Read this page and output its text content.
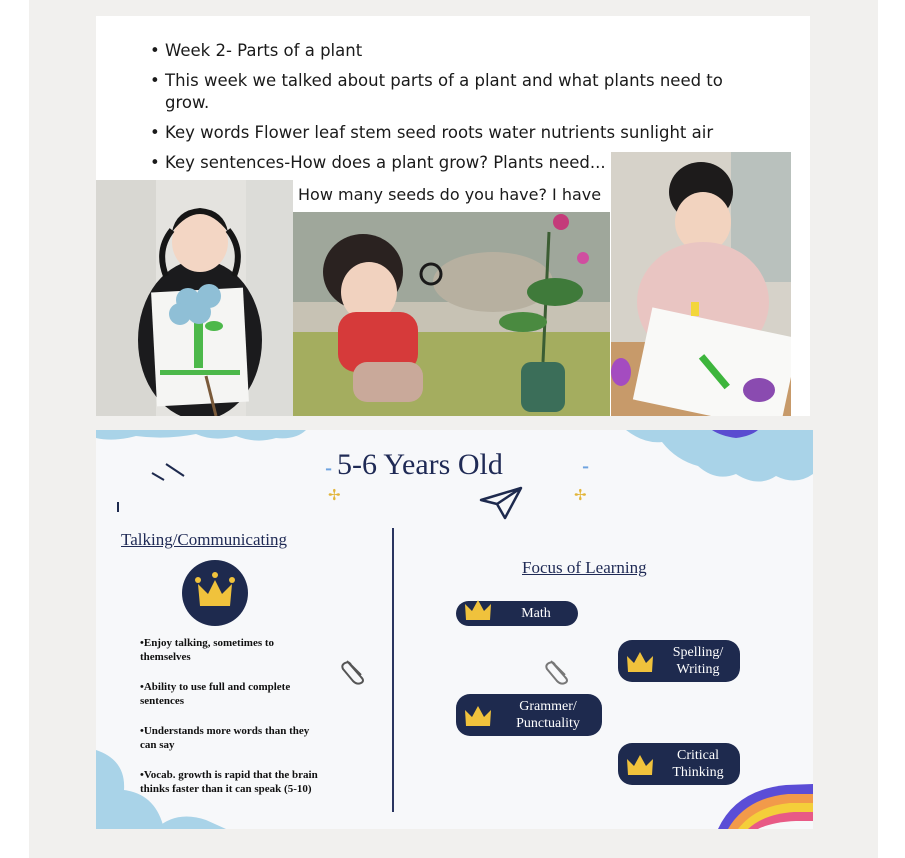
• Week 2- Parts of a plant
• This week we talked about parts of a plant and what plants need to grow.
• Key words Flower leaf stem seed roots water nutrients sunlight air
• Key sentences-How does a plant grow? Plants need...
How many seeds do you have? I have
⁃	⁃
5-6 Years Old
✢	✢
Talking/Communicating

•Enjoy talking, sometimes to themselves

•Ability to use full and complete sentences

•Understands more words than they can say

•Vocab. growth is rapid that the brain thinks faster than it can speak (5-10)

Focus of Learning
Math
Spelling/
Writing
Grammer/
Punctuality
Critical
Thinking
